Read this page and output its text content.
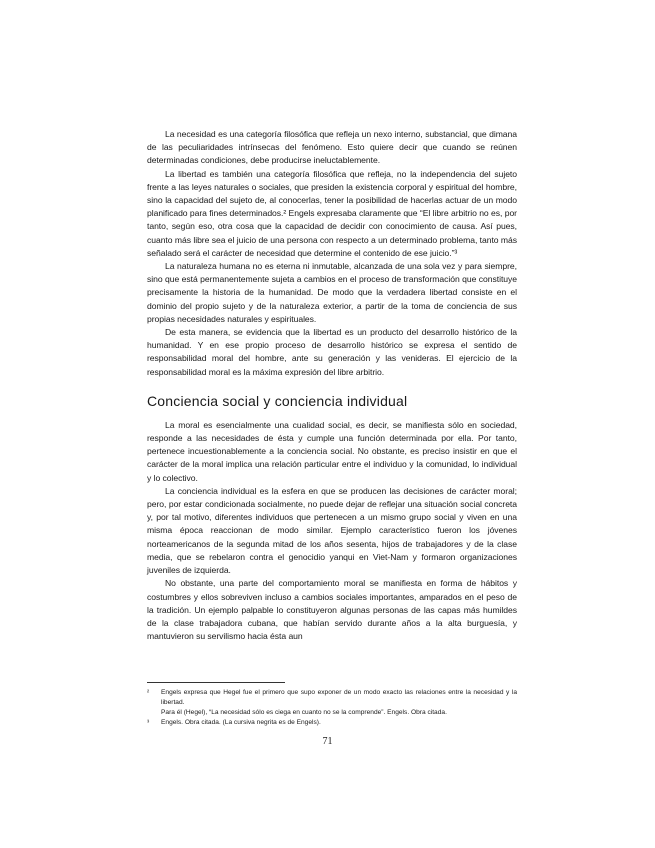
La necesidad es una categoría filosófica que refleja un nexo interno, substancial, que dimana de las peculiaridades intrínsecas del fenómeno. Esto quiere decir que cuando se reúnen determinadas condiciones, debe producirse ineluctablemente.

La libertad es también una categoría filosófica que refleja, no la independencia del sujeto frente a las leyes naturales o sociales, que presiden la existencia corporal y espiritual del hombre, sino la capacidad del sujeto de, al conocerlas, tener la posibilidad de hacerlas actuar de un modo planificado para fines determinados.² Engels expresaba claramente que “El libre arbitrio no es, por tanto, según eso, otra cosa que la capacidad de decidir con conocimiento de causa. Así pues, cuanto más libre sea el juicio de una persona con respecto a un determinado problema, tanto más señalado será el carácter de necesidad que determine el contenido de ese juicio.”³

La naturaleza humana no es eterna ni inmutable, alcanzada de una sola vez y para siempre, sino que está permanentemente sujeta a cambios en el proceso de transformación que constituye precisamente la historia de la humanidad. De modo que la verdadera libertad consiste en el dominio del propio sujeto y de la naturaleza exterior, a partir de la toma de conciencia de sus propias necesidades naturales y espirituales.

De esta manera, se evidencia que la libertad es un producto del desarrollo histórico de la humanidad. Y en ese propio proceso de desarrollo histórico se expresa el sentido de responsabilidad moral del hombre, ante su generación y las venideras. El ejercicio de la responsabilidad moral es la máxima expresión del libre arbitrio.

Conciencia social y conciencia individual

La moral es esencialmente una cualidad social, es decir, se manifiesta sólo en sociedad, responde a las necesidades de ésta y cumple una función determinada por ella. Por tanto, pertenece incuestionablemente a la conciencia social. No obstante, es preciso insistir en que el carácter de la moral implica una relación particular entre el individuo y la comunidad, lo individual y lo colectivo.

La conciencia individual es la esfera en que se producen las decisiones de carácter moral; pero, por estar condicionada socialmente, no puede dejar de reflejar una situación social concreta y, por tal motivo, diferentes individuos que pertenecen a un mismo grupo social y viven en una misma época reaccionan de modo similar. Ejemplo característico fueron los jóvenes norteamericanos de la segunda mitad de los años sesenta, hijos de trabajadores y de la clase media, que se rebelaron contra el genocidio yanqui en Viet-Nam y formaron organizaciones juveniles de izquierda.

No obstante, una parte del comportamiento moral se manifiesta en forma de hábitos y costumbres y ellos sobreviven incluso a cambios sociales importantes, amparados en el peso de la tradición. Un ejemplo palpable lo constituyeron algunas personas de las capas más humildes de la clase trabajadora cubana, que habían servido durante años a la alta burguesía, y mantuvieron su servilismo hacia ésta aun

²	Engels expresa que Hegel fue el primero que supo exponer de un modo exacto las relaciones entre la necesidad y la libertad.
Para él (Hegel), “La necesidad sólo es ciega en cuanto no se la comprende”. Engels. Obra citada.
³	Engels. Obra citada. (La cursiva negrita es de Engels).
71
